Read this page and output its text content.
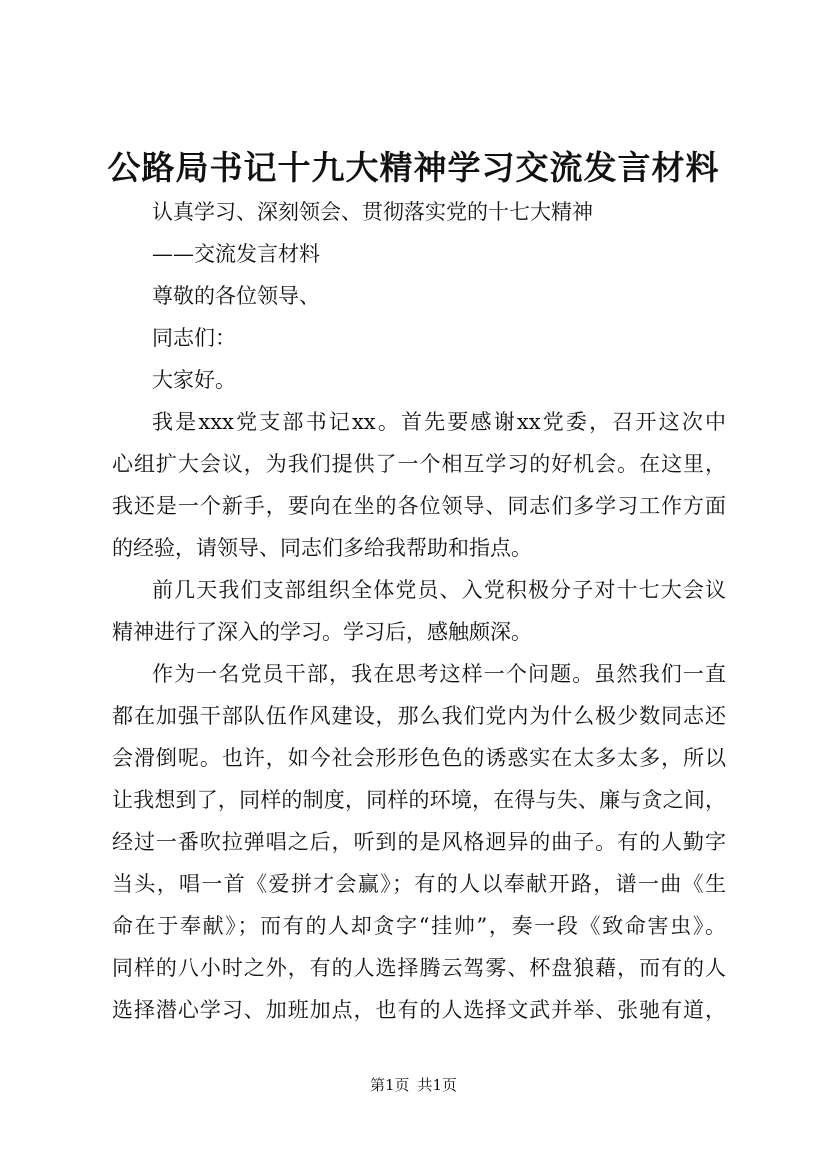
公路局书记十九大精神学习交流发言材料
认真学习、深刻领会、贯彻落实党的十七大精神
——交流发言材料
尊敬的各位领导、
同志们：
大家好。
我是xxx党支部书记xx。首先要感谢xx党委，召开这次中
心组扩大会议，为我们提供了一个相互学习的好机会。在这里，
我还是一个新手，要向在坐的各位领导、同志们多学习工作方面
的经验，请领导、同志们多给我帮助和指点。
前几天我们支部组织全体党员、入党积极分子对十七大会议
精神进行了深入的学习。学习后，感触颇深。
作为一名党员干部，我在思考这样一个问题。虽然我们一直
都在加强干部队伍作风建设，那么我们党内为什么极少数同志还
会滑倒呢。也许，如今社会形形色色的诱惑实在太多太多，所以
让我想到了，同样的制度，同样的环境，在得与失、廉与贪之间，
经过一番吹拉弹唱之后，听到的是风格迥异的曲子。有的人勤字
当头，唱一首《爱拼才会赢》；有的人以奉献开路，谱一曲《生
命在于奉献》；而有的人却贪字“挂帅”，奏一段《致命害虫》。
同样的八小时之外，有的人选择腾云驾雾、杯盘狼藉，而有的人
选择潜心学习、加班加点，也有的人选择文武并举、张驰有道，
第1页 共1页
